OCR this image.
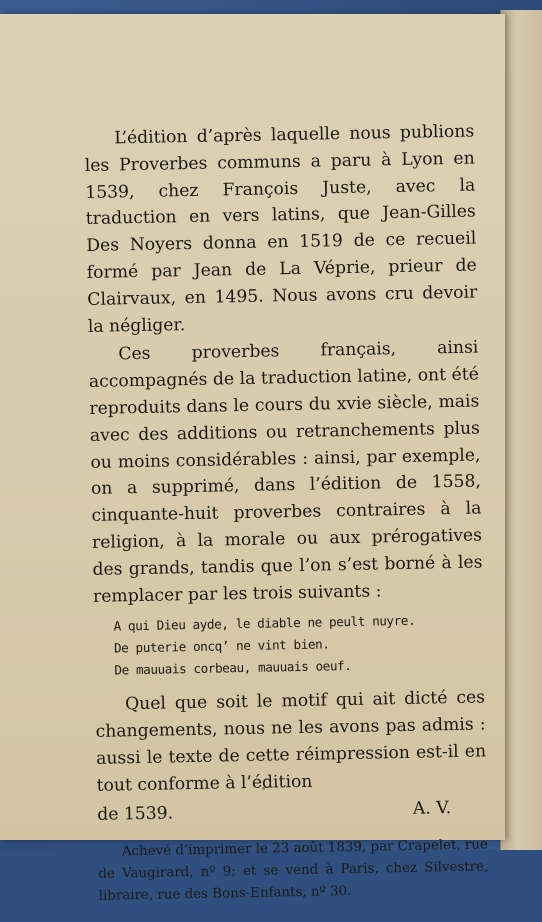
L’édition d’après laquelle nous publions les Proverbes communs a paru à Lyon en 1539, chez François Juste, avec la traduction en vers latins, que Jean-Gilles Des Noyers donna en 1519 de ce recueil formé par Jean de La Véprie, prieur de Clairvaux, en 1495. Nous avons cru devoir la négliger.

Ces proverbes français, ainsi accompagnés de la traduction latine, ont été reproduits dans le cours du xvie siècle, mais avec des additions ou retranchements plus ou moins considérables : ainsi, par exemple, on a supprimé, dans l’édition de 1558, cinquante-huit proverbes contraires à la religion, à la morale ou aux prérogatives des grands, tandis que l’on s’est borné à les remplacer par les trois suivants :

A qui Dieu ayde, le diable ne peult nuyre.
De puterie oncq’ ne vint bien.
De mauuais corbeau, mauuais oeuf.

Quel que soit le motif qui ait dicté ces changements, nous ne les avons pas admis : aussi le texte de cette réimpression est-il en tout conforme à l’édition

de 1539.	A. V.

Achevé d’imprimer le 23 août 1839, par Crapelet, rue de Vaugirard, nº 9; et se vend à Paris, chez Silvestre, libraire, rue des Bons-Enfants, nº 30.
